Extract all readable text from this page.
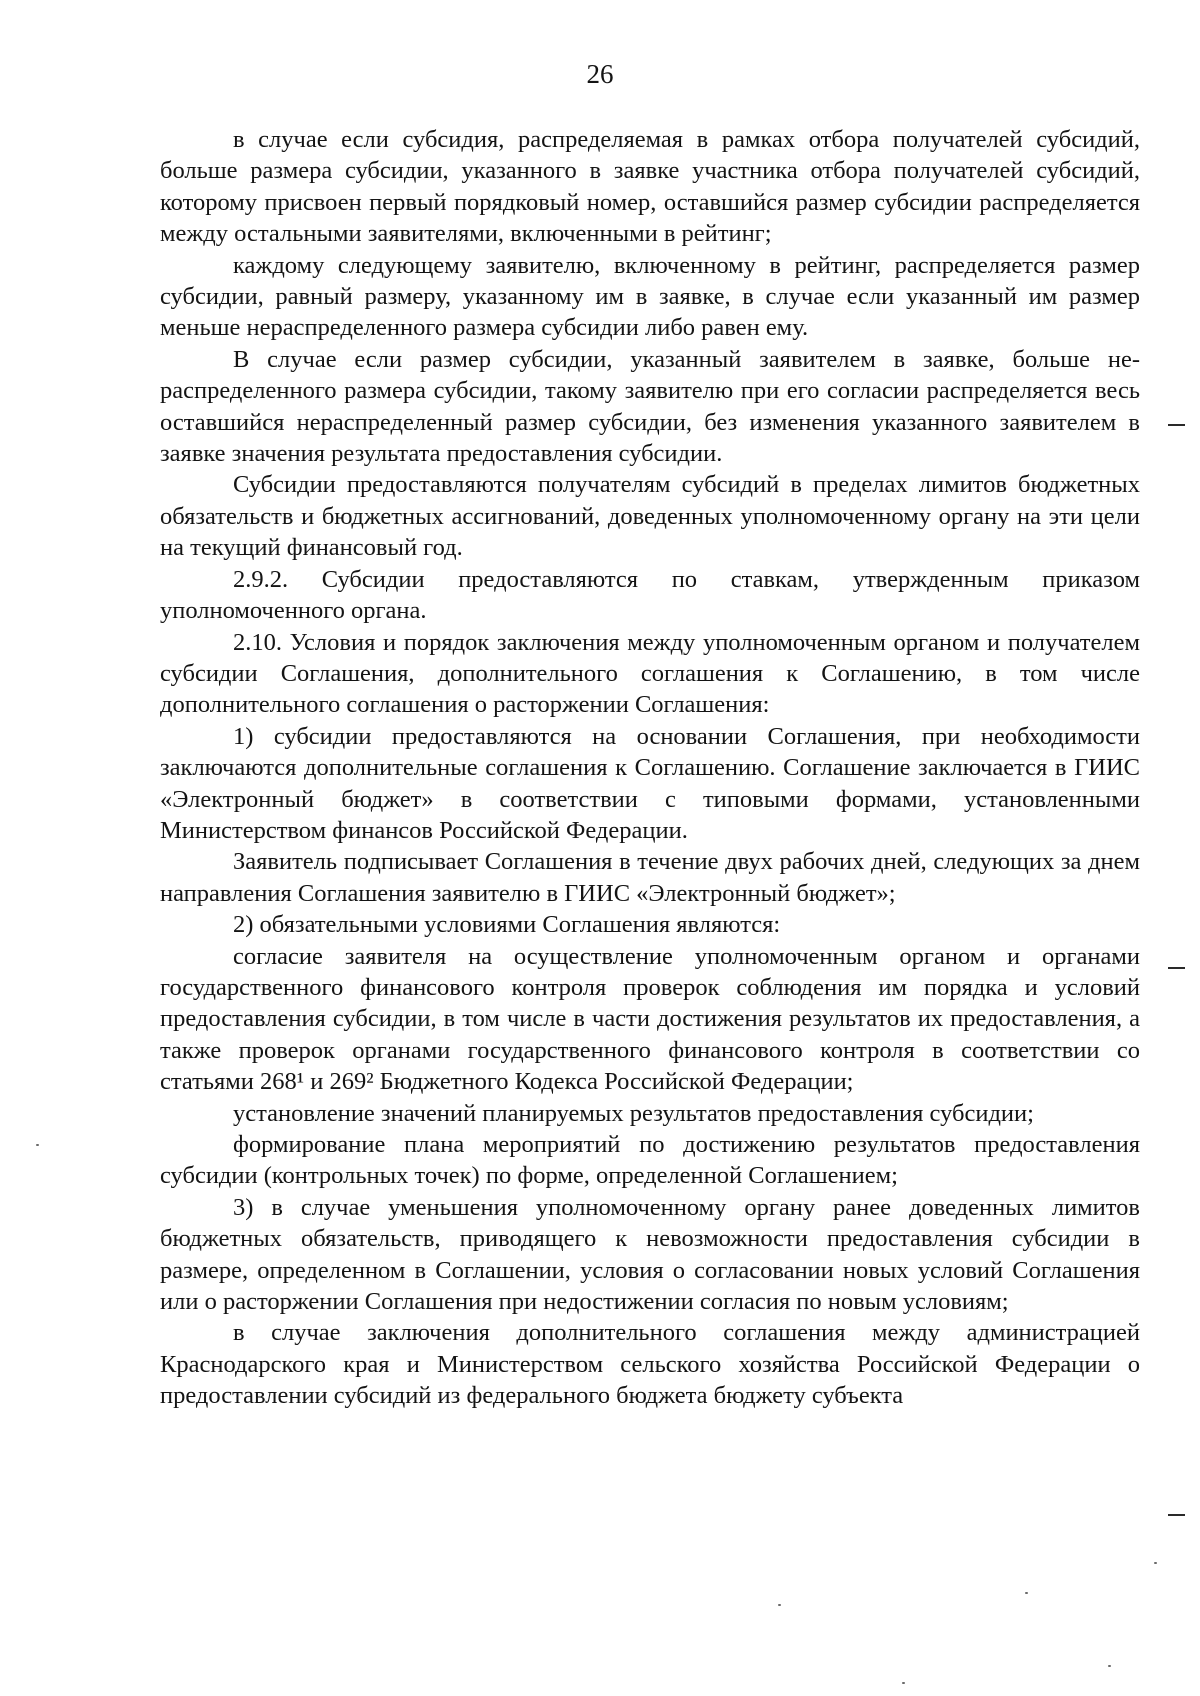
26

в случае если субсидия, распределяемая в рамках отбора получателей субсидий, больше размера субсидии, указанного в заявке участника отбора получателей субсидий, которому присвоен первый порядковый номер, оставшийся размер субсидии распределяется между остальными заявителями, включенными в рейтинг;

каждому следующему заявителю, включенному в рейтинг, распределяется размер субсидии, равный размеру, указанному им в заявке, в случае если указанный им размер меньше нераспределенного размера субсидии либо равен ему.

В случае если размер субсидии, указанный заявителем в заявке, больше нераспределенного размера субсидии, такому заявителю при его согласии распределяется весь оставшийся нераспределенный размер субсидии, без изменения указанного заявителем в заявке значения результата предоставления субсидии.

Субсидии предоставляются получателям субсидий в пределах лимитов бюджетных обязательств и бюджетных ассигнований, доведенных уполномоченному органу на эти цели на текущий финансовый год.

2.9.2. Субсидии предоставляются по ставкам, утвержденным приказом уполномоченного органа.

2.10. Условия и порядок заключения между уполномоченным органом и получателем субсидии Соглашения, дополнительного соглашения к Соглашению, в том числе дополнительного соглашения о расторжении Соглашения:

1) субсидии предоставляются на основании Соглашения, при необходимости заключаются дополнительные соглашения к Соглашению. Соглашение заключается в ГИИС «Электронный бюджет» в соответствии с типовыми формами, установленными Министерством финансов Российской Федерации.

Заявитель подписывает Соглашения в течение двух рабочих дней, следующих за днем направления Соглашения заявителю в ГИИС «Электронный бюджет»;

2) обязательными условиями Соглашения являются:

согласие заявителя на осуществление уполномоченным органом и органами государственного финансового контроля проверок соблюдения им порядка и условий предоставления субсидии, в том числе в части достижения результатов их предоставления, а также проверок органами государственного финансового контроля в соответствии со статьями 268¹ и 269² Бюджетного Кодекса Российской Федерации;

установление значений планируемых результатов предоставления субсидии;

формирование плана мероприятий по достижению результатов предоставления субсидии (контрольных точек) по форме, определенной Соглашением;

3) в случае уменьшения уполномоченному органу ранее доведенных лимитов бюджетных обязательств, приводящего к невозможности предоставления субсидии в размере, определенном в Соглашении, условия о согласовании новых условий Соглашения или о расторжении Соглашения при недостижении согласия по новым условиям;

в случае заключения дополнительного соглашения между администрацией Краснодарского края и Министерством сельского хозяйства Российской Федерации о предоставлении субсидий из федерального бюджета бюджету субъекта
